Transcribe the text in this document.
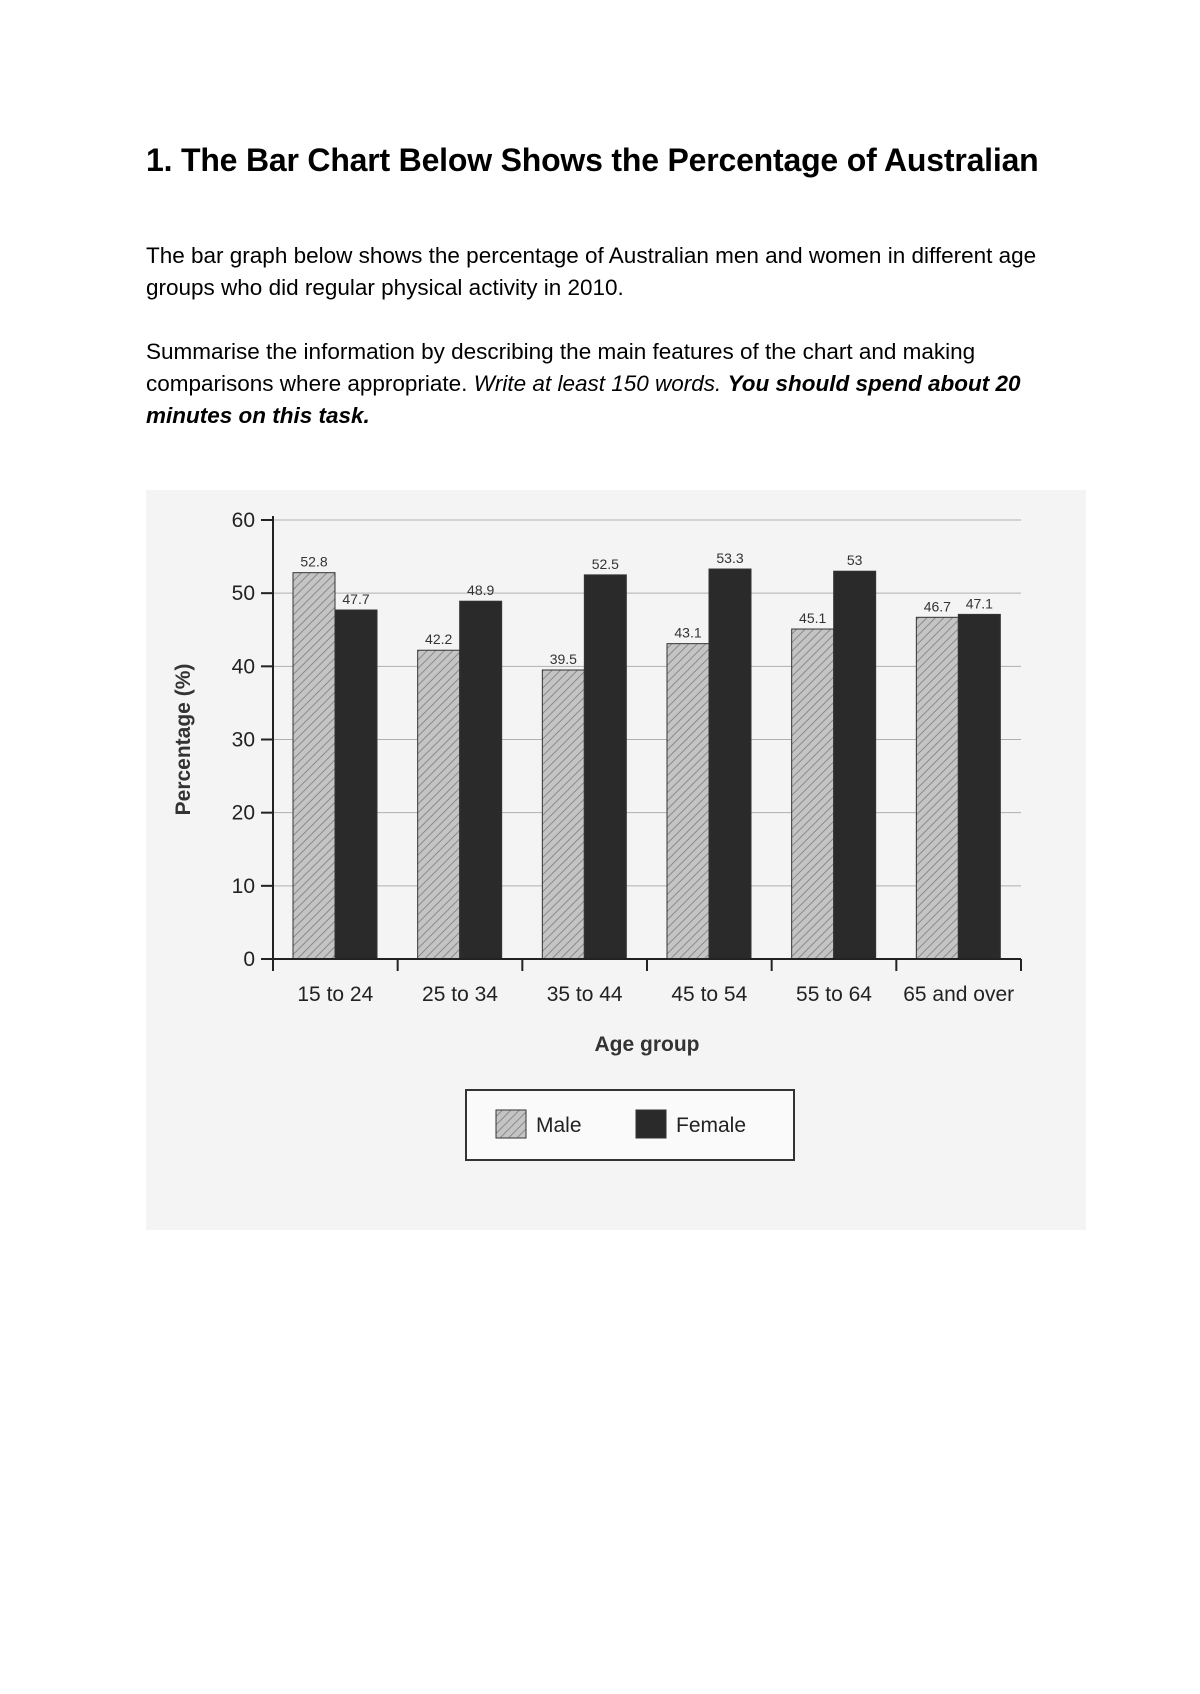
1. The Bar Chart Below Shows the Percentage of Australian

The bar graph below shows the percentage of Australian men and women in different age groups who did regular physical activity in 2010.

Summarise the information by describing the main features of the chart and making comparisons where appropriate. Write at least 150 words. You should spend about 20 minutes on this task.

0
10
20
30
40
50
60
52.8
47.7
15 to 24
42.2
48.9
25 to 34
39.5
52.5
35 to 44
43.1
53.3
45 to 54
45.1
53
55 to 64
46.7 47.1
65 and over
Age group
Percentage (%)
Male	Female
